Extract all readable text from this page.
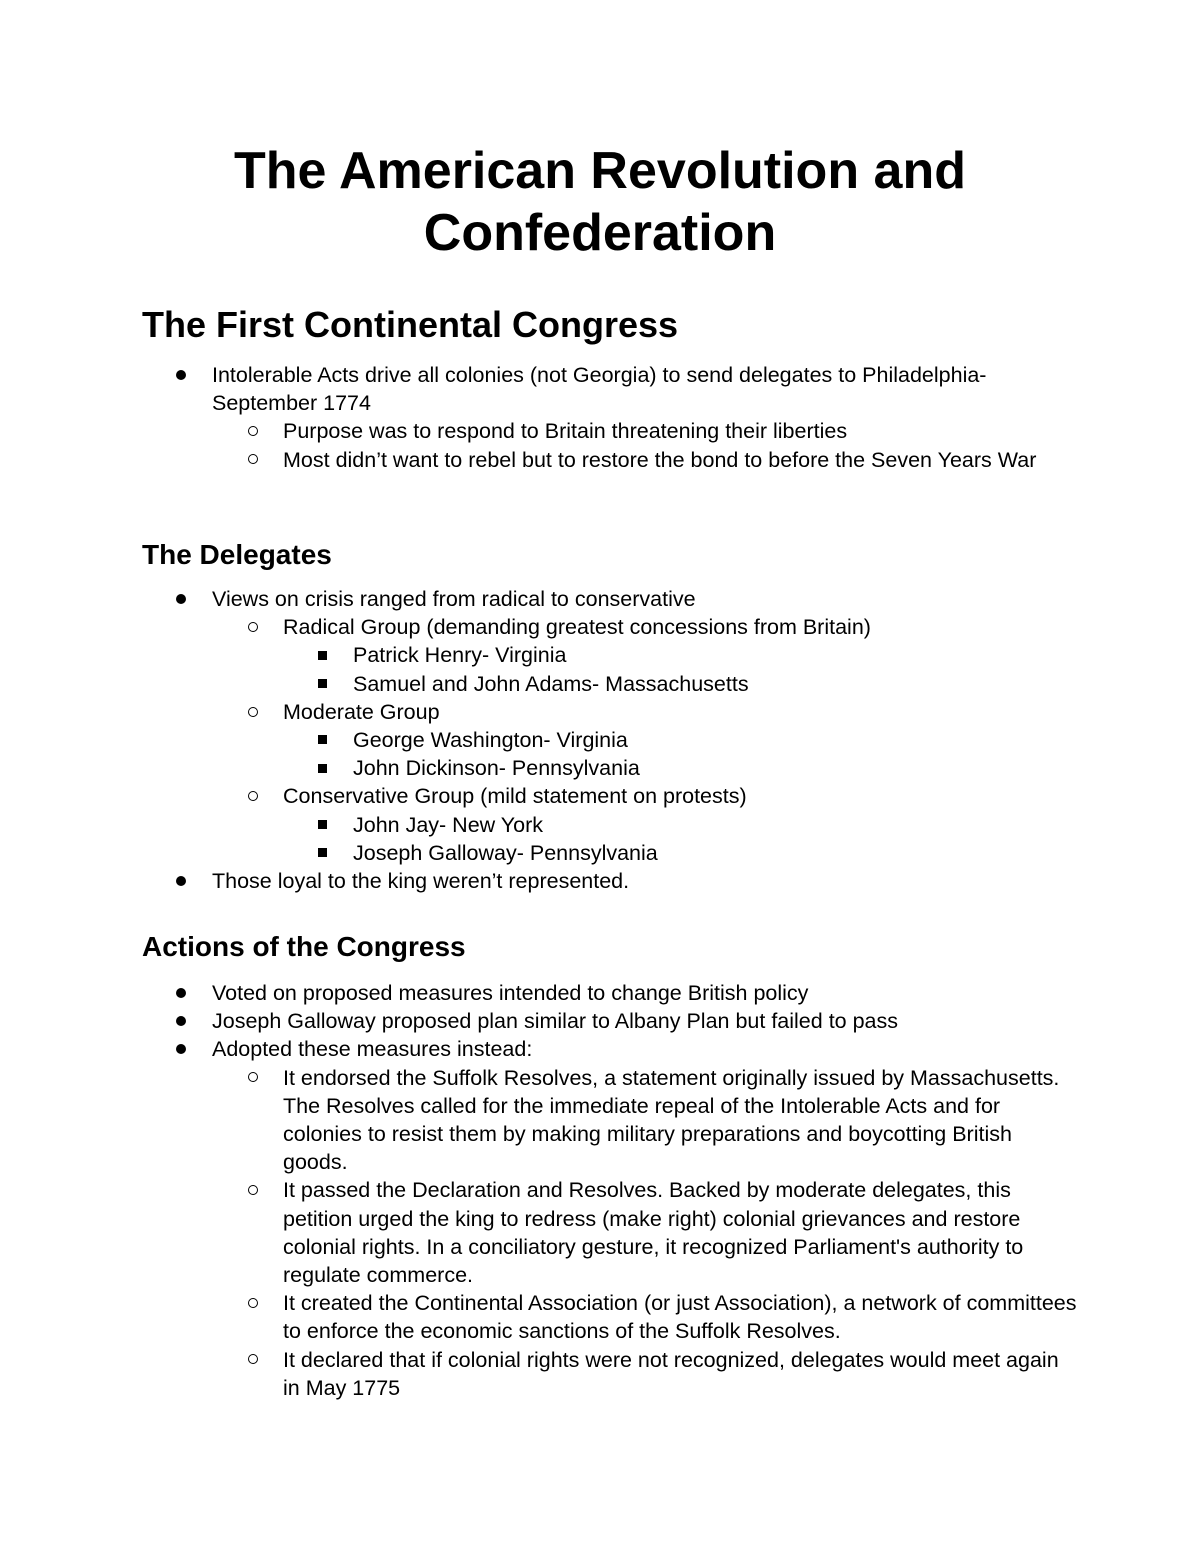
The American Revolution and
Confederation
The First Continental Congress
Intolerable Acts drive all colonies (not Georgia) to send delegates to Philadelphia- September 1774
Purpose was to respond to Britain threatening their liberties
Most didn’t want to rebel but to restore the bond to before the Seven Years War
The Delegates
Views on crisis ranged from radical to conservative
Radical Group (demanding greatest concessions from Britain)
Patrick Henry- Virginia
Samuel and John Adams- Massachusetts
Moderate Group
George Washington- Virginia
John Dickinson- Pennsylvania
Conservative Group (mild statement on protests)
John Jay- New York
Joseph Galloway- Pennsylvania
Those loyal to the king weren’t represented.
Actions of the Congress
Voted on proposed measures intended to change British policy
Joseph Galloway proposed plan similar to Albany Plan but failed to pass
Adopted these measures instead:
It endorsed the Suffolk Resolves, a statement originally issued by Massachusetts. The Resolves called for the immediate repeal of the Intolerable Acts and for colonies to resist them by making military preparations and boycotting British goods.
It passed the Declaration and Resolves. Backed by moderate delegates, this petition urged the king to redress (make right) colonial grievances and restore colonial rights. In a conciliatory gesture, it recognized Parliament's authority to regulate commerce.
It created the Continental Association (or just Association), a network of committees to enforce the economic sanctions of the Suffolk Resolves.
It declared that if colonial rights were not recognized, delegates would meet again in May 1775
